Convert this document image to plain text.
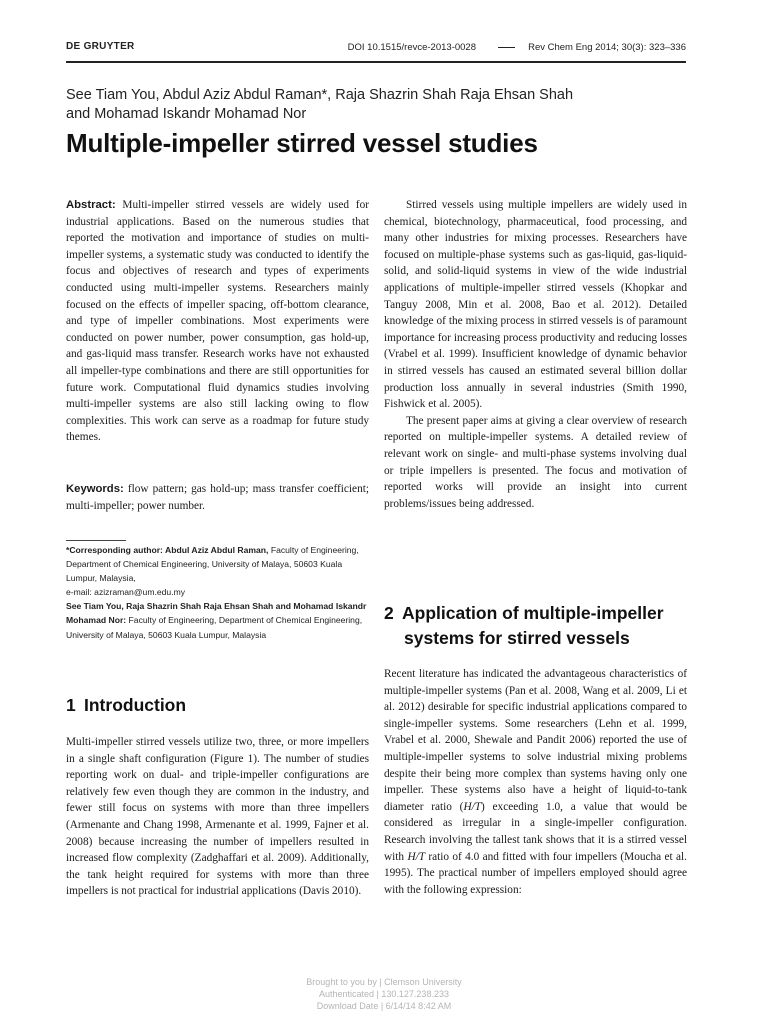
DE GRUYTER	DOI 10.1515/revce-2013-0028	Rev Chem Eng 2014; 30(3): 323–336
See Tiam You, Abdul Aziz Abdul Raman*, Raja Shazrin Shah Raja Ehsan Shah
and Mohamad Iskandr Mohamad Nor
Multiple-impeller stirred vessel studies

Abstract: Multi-impeller stirred vessels are widely used for industrial applications. Based on the numerous studies that reported the motivation and importance of studies on multi-impeller systems, a systematic study was conducted to identify the focus and objectives of research and types of experiments conducted using multi-impeller systems. Researchers mainly focused on the effects of impeller spacing, off-bottom clearance, and type of impeller combinations. Most experiments were conducted on power number, power consumption, gas hold-up, and gas-liquid mass transfer. Research works have not exhausted all impeller-type combinations and there are still opportunities for future work. Computational fluid dynamics studies involving multi-impeller systems are also still lacking owing to flow complexities. This work can serve as a roadmap for future study themes.

Keywords: flow pattern; gas hold-up; mass transfer coefficient; multi-impeller; power number.

*Corresponding author: Abdul Aziz Abdul Raman, Faculty of Engineering, Department of Chemical Engineering, University of Malaya, 50603 Kuala Lumpur, Malaysia,
e-mail: azizraman@um.edu.my
See Tiam You, Raja Shazrin Shah Raja Ehsan Shah and Mohamad Iskandr Mohamad Nor: Faculty of Engineering, Department of Chemical Engineering, University of Malaya, 50603 Kuala Lumpur, Malaysia
1 Introduction

Multi-impeller stirred vessels utilize two, three, or more impellers in a single shaft configuration (Figure 1). The number of studies reporting work on dual- and triple-impeller configurations are relatively few even though they are common in the industry, and fewer still focus on systems with more than three impellers (Armenante and Chang 1998, Armenante et al. 1999, Fajner et al. 2008) because increasing the number of impellers resulted in increased flow complexity (Zadghaffari et al. 2009). Additionally, the tank height required for systems with more than three impellers is not practical for industrial applications (Davis 2010).

Stirred vessels using multiple impellers are widely used in chemical, biotechnology, pharmaceutical, food processing, and many other industries for mixing processes. Researchers have focused on multiple-phase systems such as gas-liquid, gas-liquid-solid, and solid-liquid systems in view of the wide industrial applications of multiple-impeller stirred vessels (Khopkar and Tanguy 2008, Min et al. 2008, Bao et al. 2012). Detailed knowledge of the mixing process in stirred vessels is of paramount importance for increasing process productivity and reducing losses (Vrabel et al. 1999). Insufficient knowledge of dynamic behavior in stirred vessels has caused an estimated several billion dollar production loss annually in several industries (Smith 1990, Fishwick et al. 2005).

The present paper aims at giving a clear overview of research reported on multiple-impeller systems. A detailed review of relevant work on single- and multi-phase systems involving dual or triple impellers is presented. The focus and motivation of reported works will provide an insight into current problems/issues being addressed.

2 Application of multiple-impeller
systems for stirred vessels

Recent literature has indicated the advantageous characteristics of multiple-impeller systems (Pan et al. 2008, Wang et al. 2009, Li et al. 2012) desirable for specific industrial applications compared to single-impeller systems. Some researchers (Lehn et al. 1999, Vrabel et al. 2000, Shewale and Pandit 2006) reported the use of multiple-impeller systems to solve industrial mixing problems despite their being more complex than systems having only one impeller. These systems also have a height of liquid-to-tank diameter ratio (H/T) exceeding 1.0, a value that would be considered as irregular in a single-impeller configuration. Research involving the tallest tank shows that it is a stirred vessel with H/T ratio of 4.0 and fitted with four impellers (Moucha et al. 1995). The practical number of impellers employed should agree with the following expression:

Brought to you by | Clemson University
Authenticated | 130.127.238.233
Download Date | 6/14/14 8:42 AM
